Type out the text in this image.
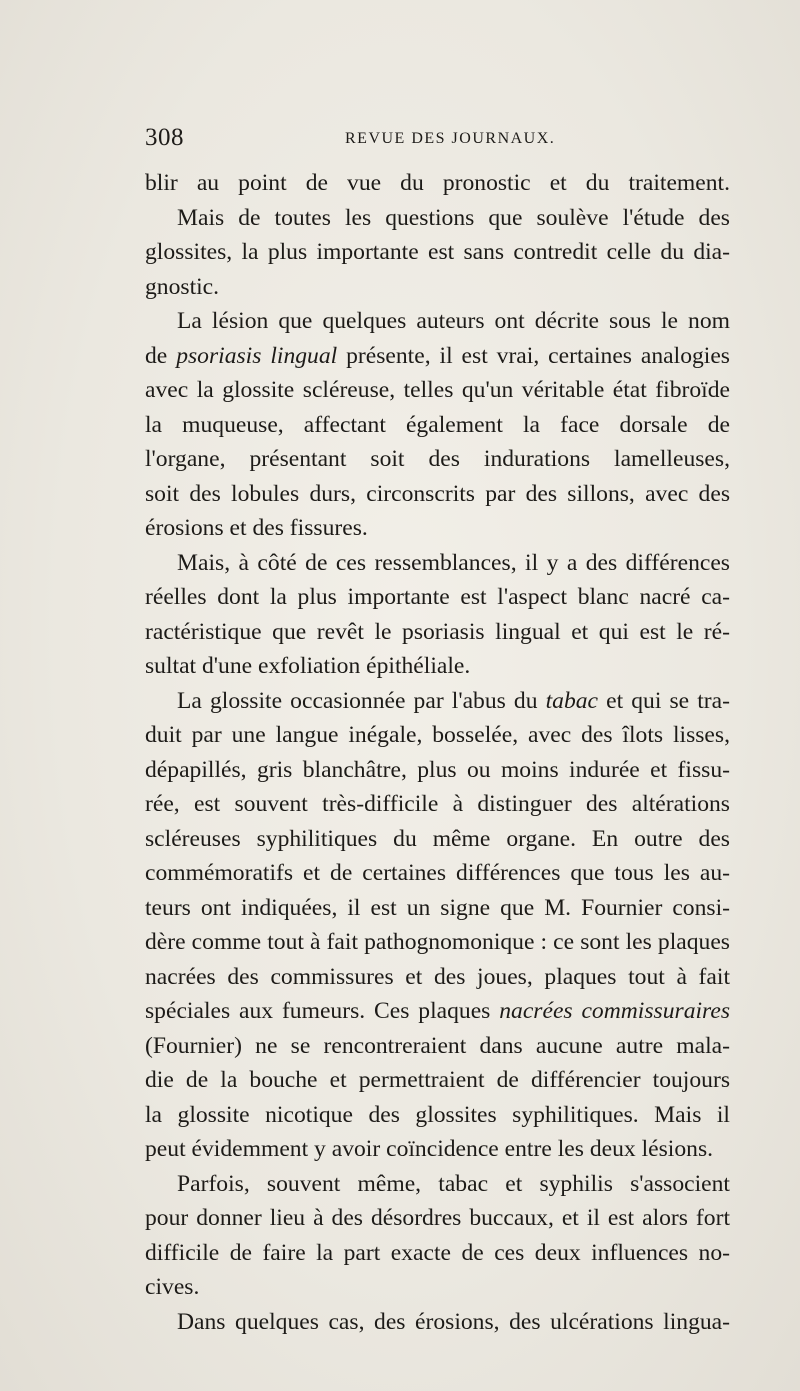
308	REVUE DES JOURNAUX.
blir au point de vue du pronostic et du traitement.
Mais de toutes les questions que soulève l'étude des
glossites, la plus importante est sans contredit celle du dia-
gnostic.
La lésion que quelques auteurs ont décrite sous le nom
de psoriasis lingual présente, il est vrai, certaines analogies
avec la glossite scléreuse, telles qu'un véritable état fibroïde
la muqueuse, affectant également la face dorsale de
l'organe, présentant soit des indurations lamelleuses,
soit des lobules durs, circonscrits par des sillons, avec des
érosions et des fissures.
Mais, à côté de ces ressemblances, il y a des différences
réelles dont la plus importante est l'aspect blanc nacré ca-
ractéristique que revêt le psoriasis lingual et qui est le ré-
sultat d'une exfoliation épithéliale.
La glossite occasionnée par l'abus du tabac et qui se tra-
duit par une langue inégale, bosselée, avec des îlots lisses,
dépapillés, gris blanchâtre, plus ou moins indurée et fissu-
rée, est souvent très-difficile à distinguer des altérations
scléreuses syphilitiques du même organe. En outre des
commémoratifs et de certaines différences que tous les au-
teurs ont indiquées, il est un signe que M. Fournier consi-
dère comme tout à fait pathognomonique : ce sont les plaques
nacrées des commissures et des joues, plaques tout à fait
spéciales aux fumeurs. Ces plaques nacrées commissuraires
(Fournier) ne se rencontreraient dans aucune autre mala-
die de la bouche et permettraient de différencier toujours
la glossite nicotique des glossites syphilitiques. Mais il
peut évidemment y avoir coïncidence entre les deux lésions.
Parfois, souvent même, tabac et syphilis s'associent
pour donner lieu à des désordres buccaux, et il est alors fort
difficile de faire la part exacte de ces deux influences no-
cives.
Dans quelques cas, des érosions, des ulcérations lingua-
